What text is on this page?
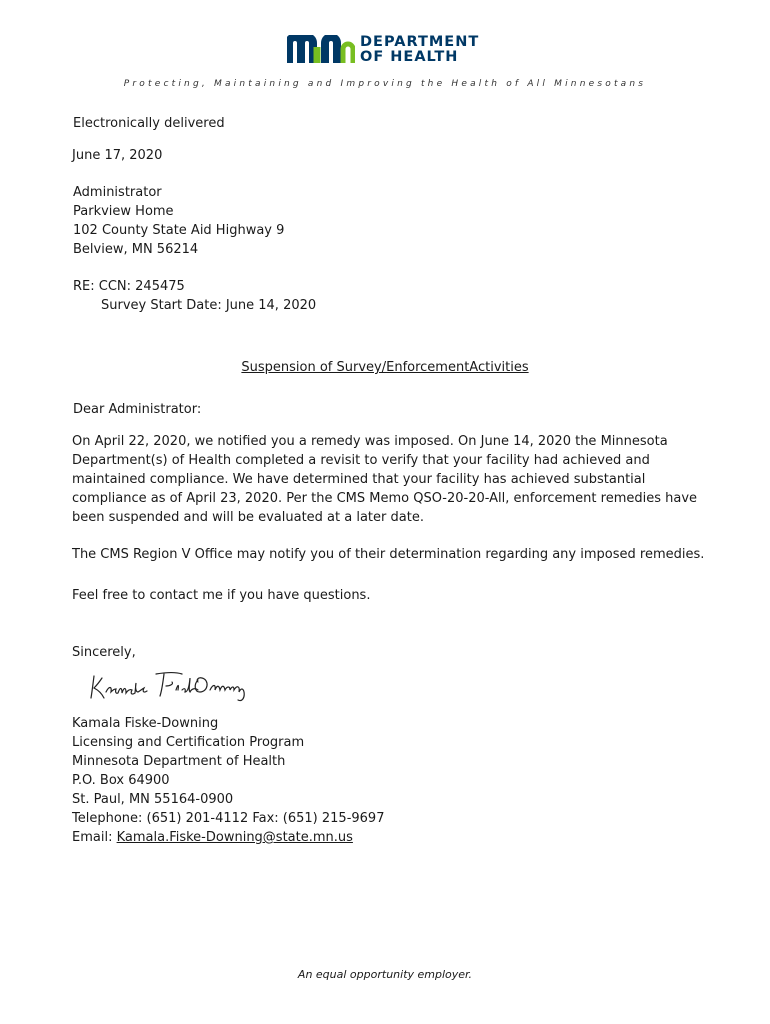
DEPARTMENT
OF HEALTH
Protecting, Maintaining and Improving the Health of All Minnesotans
Electronically delivered
June 17, 2020
Administrator
Parkview Home
102 County State Aid Highway 9
Belview, MN 56214
RE: CCN: 245475
Survey Start Date: June 14, 2020
Suspension of Survey/EnforcementActivities
Dear Administrator:
On April 22, 2020, we notified you a remedy was imposed. On June 14, 2020 the Minnesota Department(s) of Health completed a revisit to verify that your facility had achieved and maintained compliance. We have determined that your facility has achieved substantial compliance as of April 23, 2020. Per the CMS Memo QSO-20-20-All, enforcement remedies have been suspended and will be evaluated at a later date.
The CMS Region V Office may notify you of their determination regarding any imposed remedies.
Feel free to contact me if you have questions.
Sincerely,
Kamala Fiske-Downing
Licensing and Certification Program
Minnesota Department of Health
P.O. Box 64900
St. Paul, MN 55164-0900
Telephone: (651) 201-4112 Fax: (651) 215-9697
Email: Kamala.Fiske-Downing@state.mn.us
An equal opportunity employer.
